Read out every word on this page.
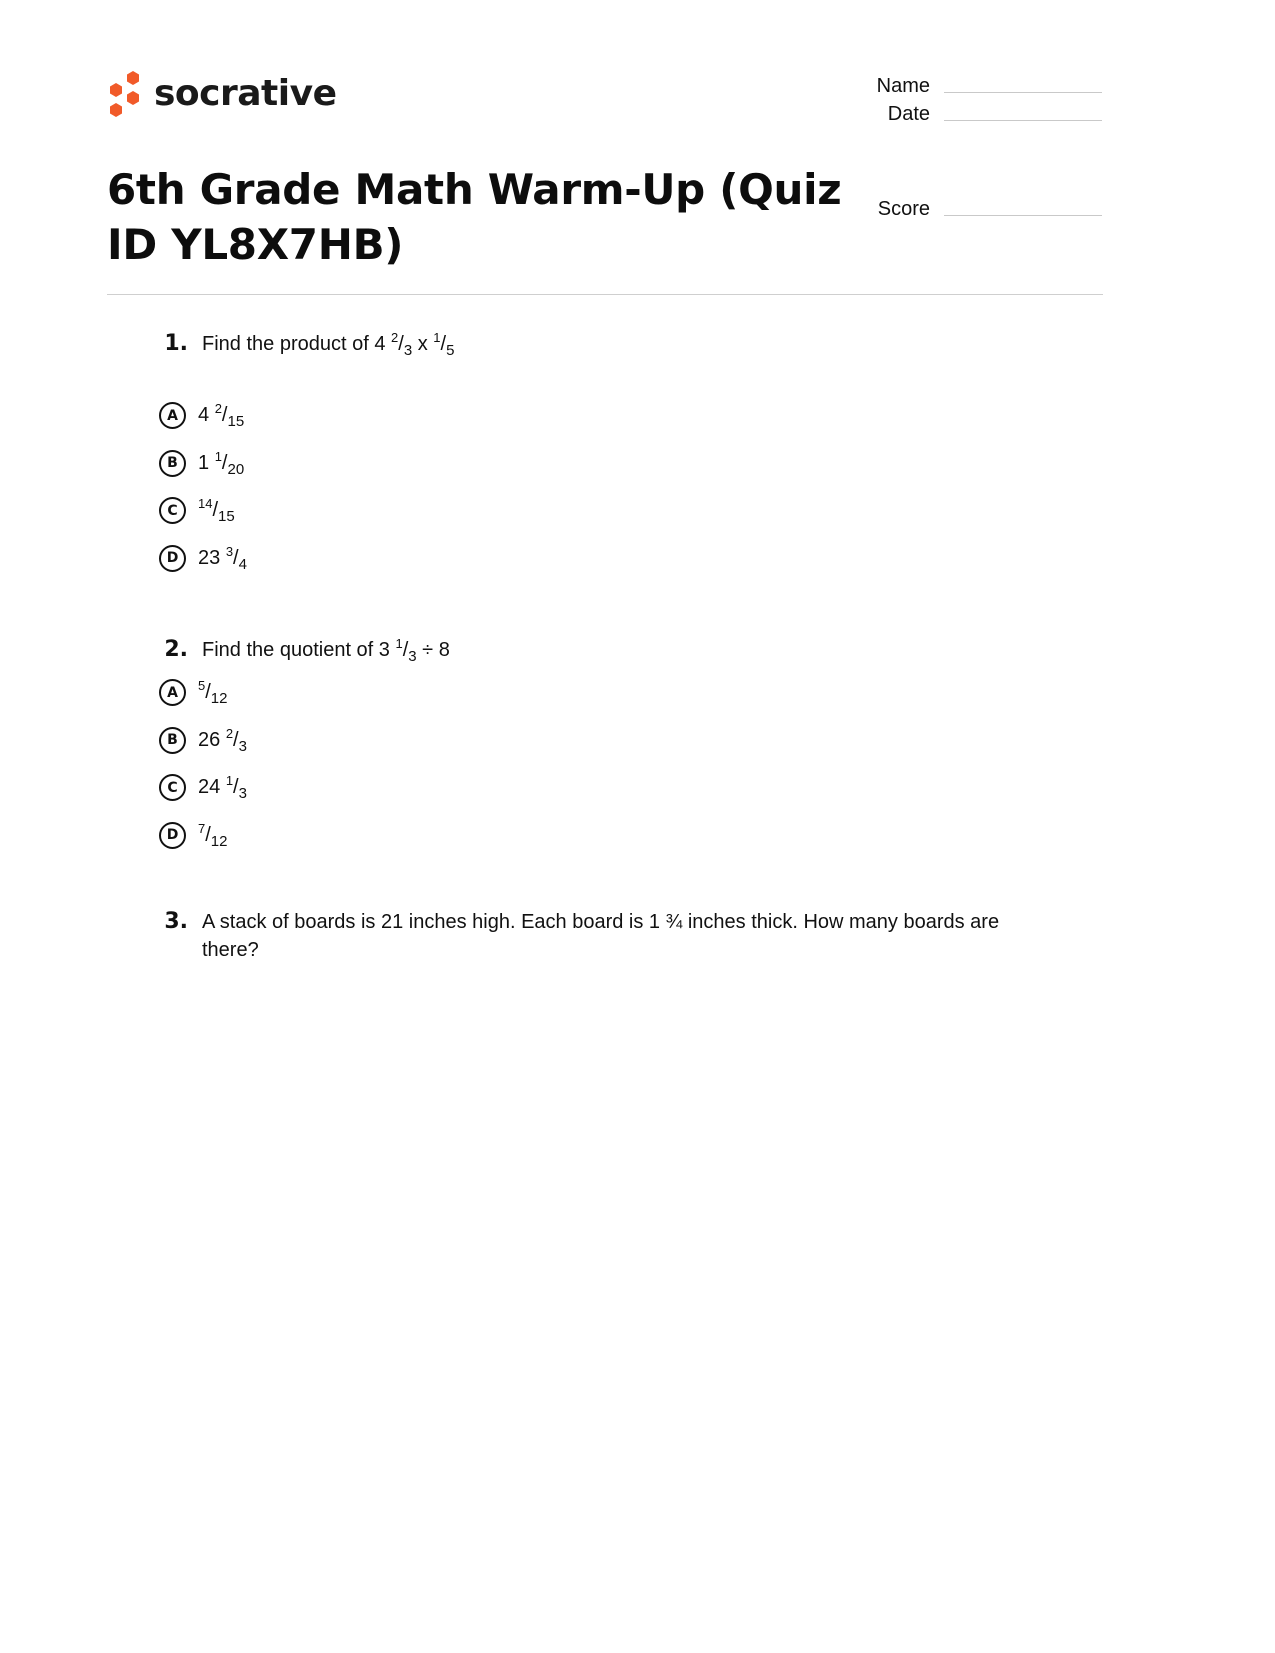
socrative	Name
Date
Score
6th Grade Math Warm-Up (Quiz ID YL8X7HB)
1. Find the product of 4 $^2/_3$ x $^1/_5$
A	4 $^2/_{15}$
B	1 $^1/_{20}$
C	$^{14}/_{15}$
D 23 $^3/_4$
2. Find the quotient of 3 $^1/_3 \div 8$
A	$^5/_{12}$
B	26 $^2/_3$
C	24 $^1/_3$
D	$^7/_{12}$
3. A stack of boards is 21 inches high. Each board is 1 ¾ inches thick. How many boards are there?
